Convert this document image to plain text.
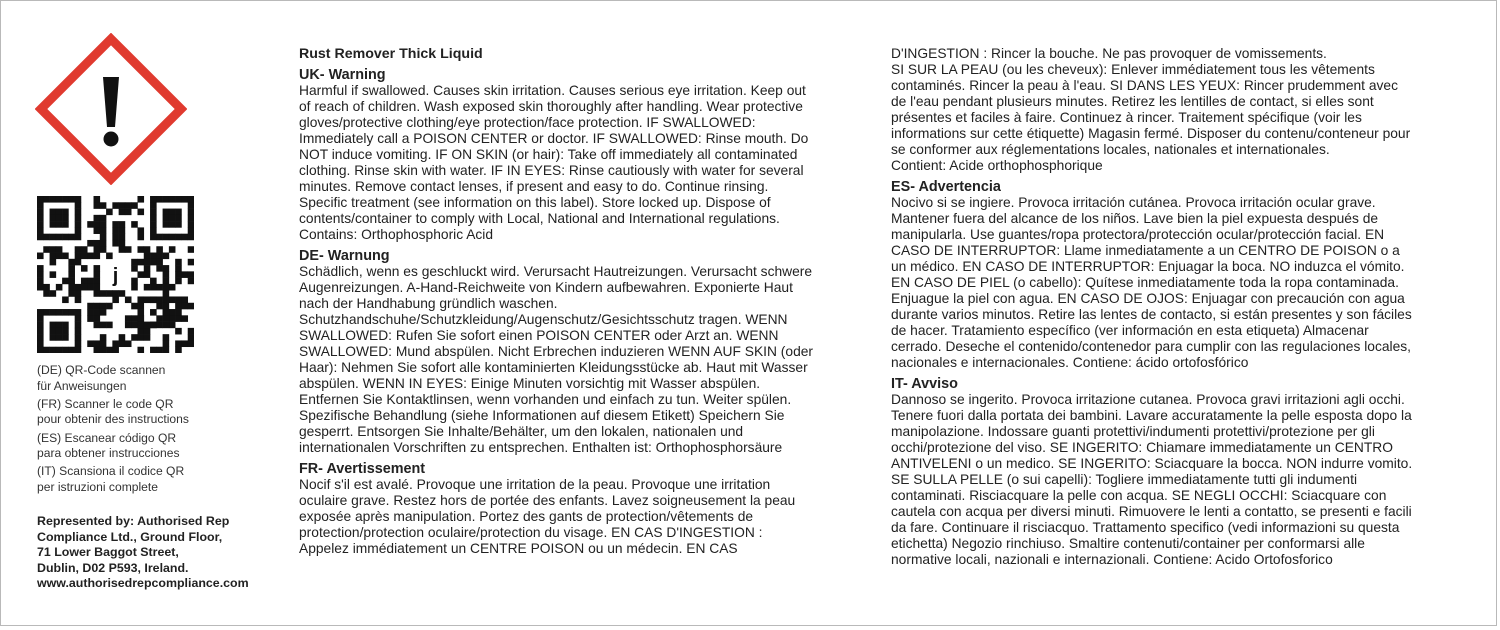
j
(DE) QR-Code scannen
für Anweisungen
(FR) Scanner le code QR
pour obtenir des instructions
(ES) Escanear código QR
para obtener instrucciones
(IT) Scansiona il codice QR
per istruzioni complete
Represented by: Authorised Rep
Compliance Ltd., Ground Floor,
71 Lower Baggot Street,
Dublin, D02 P593, Ireland.
www.authorisedrepcompliance.com
Rust Remover Thick Liquid
UK- Warning
Harmful if swallowed. Causes skin irritation. Causes serious eye irritation. Keep out
of reach of children. Wash exposed skin thoroughly after handling. Wear protective
gloves/protective clothing/eye protection/face protection. IF SWALLOWED:
Immediately call a POISON CENTER or doctor. IF SWALLOWED: Rinse mouth. Do
NOT induce vomiting. IF ON SKIN (or hair): Take off immediately all contaminated
clothing. Rinse skin with water. IF IN EYES: Rinse cautiously with water for several
minutes. Remove contact lenses, if present and easy to do. Continue rinsing.
Specific treatment (see information on this label). Store locked up. Dispose of
contents/container to comply with Local, National and International regulations.
Contains: Orthophosphoric Acid
DE- Warnung
Schädlich, wenn es geschluckt wird. Verursacht Hautreizungen. Verursacht schwere
Augenreizungen. A-Hand-Reichweite von Kindern aufbewahren. Exponierte Haut
nach der Handhabung gründlich waschen.
Schutzhandschuhe/Schutzkleidung/Augenschutz/Gesichtsschutz tragen. WENN
SWALLOWED: Rufen Sie sofort einen POISON CENTER oder Arzt an. WENN
SWALLOWED: Mund abspülen. Nicht Erbrechen induzieren WENN AUF SKIN (oder
Haar): Nehmen Sie sofort alle kontaminierten Kleidungsstücke ab. Haut mit Wasser
abspülen. WENN IN EYES: Einige Minuten vorsichtig mit Wasser abspülen.
Entfernen Sie Kontaktlinsen, wenn vorhanden und einfach zu tun. Weiter spülen.
Spezifische Behandlung (siehe Informationen auf diesem Etikett) Speichern Sie
gesperrt. Entsorgen Sie Inhalte/Behälter, um den lokalen, nationalen und
internationalen Vorschriften zu entsprechen. Enthalten ist: Orthophosphorsäure
FR- Avertissement
Nocif s'il est avalé. Provoque une irritation de la peau. Provoque une irritation
oculaire grave. Restez hors de portée des enfants. Lavez soigneusement la peau
exposée après manipulation. Portez des gants de protection/vêtements de
protection/protection oculaire/protection du visage. EN CAS D'INGESTION :
Appelez immédiatement un CENTRE POISON ou un médecin. EN CAS
D'INGESTION : Rincer la bouche. Ne pas provoquer de vomissements.
SI SUR LA PEAU (ou les cheveux): Enlever immédiatement tous les vêtements
contaminés. Rincer la peau à l'eau. SI DANS LES YEUX: Rincer prudemment avec
de l'eau pendant plusieurs minutes. Retirez les lentilles de contact, si elles sont
présentes et faciles à faire. Continuez à rincer. Traitement spécifique (voir les
informations sur cette étiquette) Magasin fermé. Disposer du contenu/conteneur pour
se conformer aux réglementations locales, nationales et internationales.
Contient: Acide orthophosphorique
ES- Advertencia
Nocivo si se ingiere. Provoca irritación cutánea. Provoca irritación ocular grave.
Mantener fuera del alcance de los niños. Lave bien la piel expuesta después de
manipularla. Use guantes/ropa protectora/protección ocular/protección facial. EN
CASO DE INTERRUPTOR: Llame inmediatamente a un CENTRO DE POISON o a
un médico. EN CASO DE INTERRUPTOR: Enjuagar la boca. NO induzca el vómito.
EN CASO DE PIEL (o cabello): Quítese inmediatamente toda la ropa contaminada.
Enjuague la piel con agua. EN CASO DE OJOS: Enjuagar con precaución con agua
durante varios minutos. Retire las lentes de contacto, si están presentes y son fáciles
de hacer. Tratamiento específico (ver información en esta etiqueta) Almacenar
cerrado. Deseche el contenido/contenedor para cumplir con las regulaciones locales,
nacionales e internacionales. Contiene: ácido ortofosfórico
IT- Avviso
Dannoso se ingerito. Provoca irritazione cutanea. Provoca gravi irritazioni agli occhi.
Tenere fuori dalla portata dei bambini. Lavare accuratamente la pelle esposta dopo la
manipolazione. Indossare guanti protettivi/indumenti protettivi/protezione per gli
occhi/protezione del viso. SE INGERITO: Chiamare immediatamente un CENTRO
ANTIVELENI o un medico. SE INGERITO: Sciacquare la bocca. NON indurre vomito.
SE SULLA PELLE (o sui capelli): Togliere immediatamente tutti gli indumenti
contaminati. Risciacquare la pelle con acqua. SE NEGLI OCCHI: Sciacquare con
cautela con acqua per diversi minuti. Rimuovere le lenti a contatto, se presenti e facili
da fare. Continuare il risciacquo. Trattamento specifico (vedi informazioni su questa
etichetta) Negozio rinchiuso. Smaltire contenuti/container per conformarsi alle
normative locali, nazionali e internazionali. Contiene: Acido Ortofosforico
